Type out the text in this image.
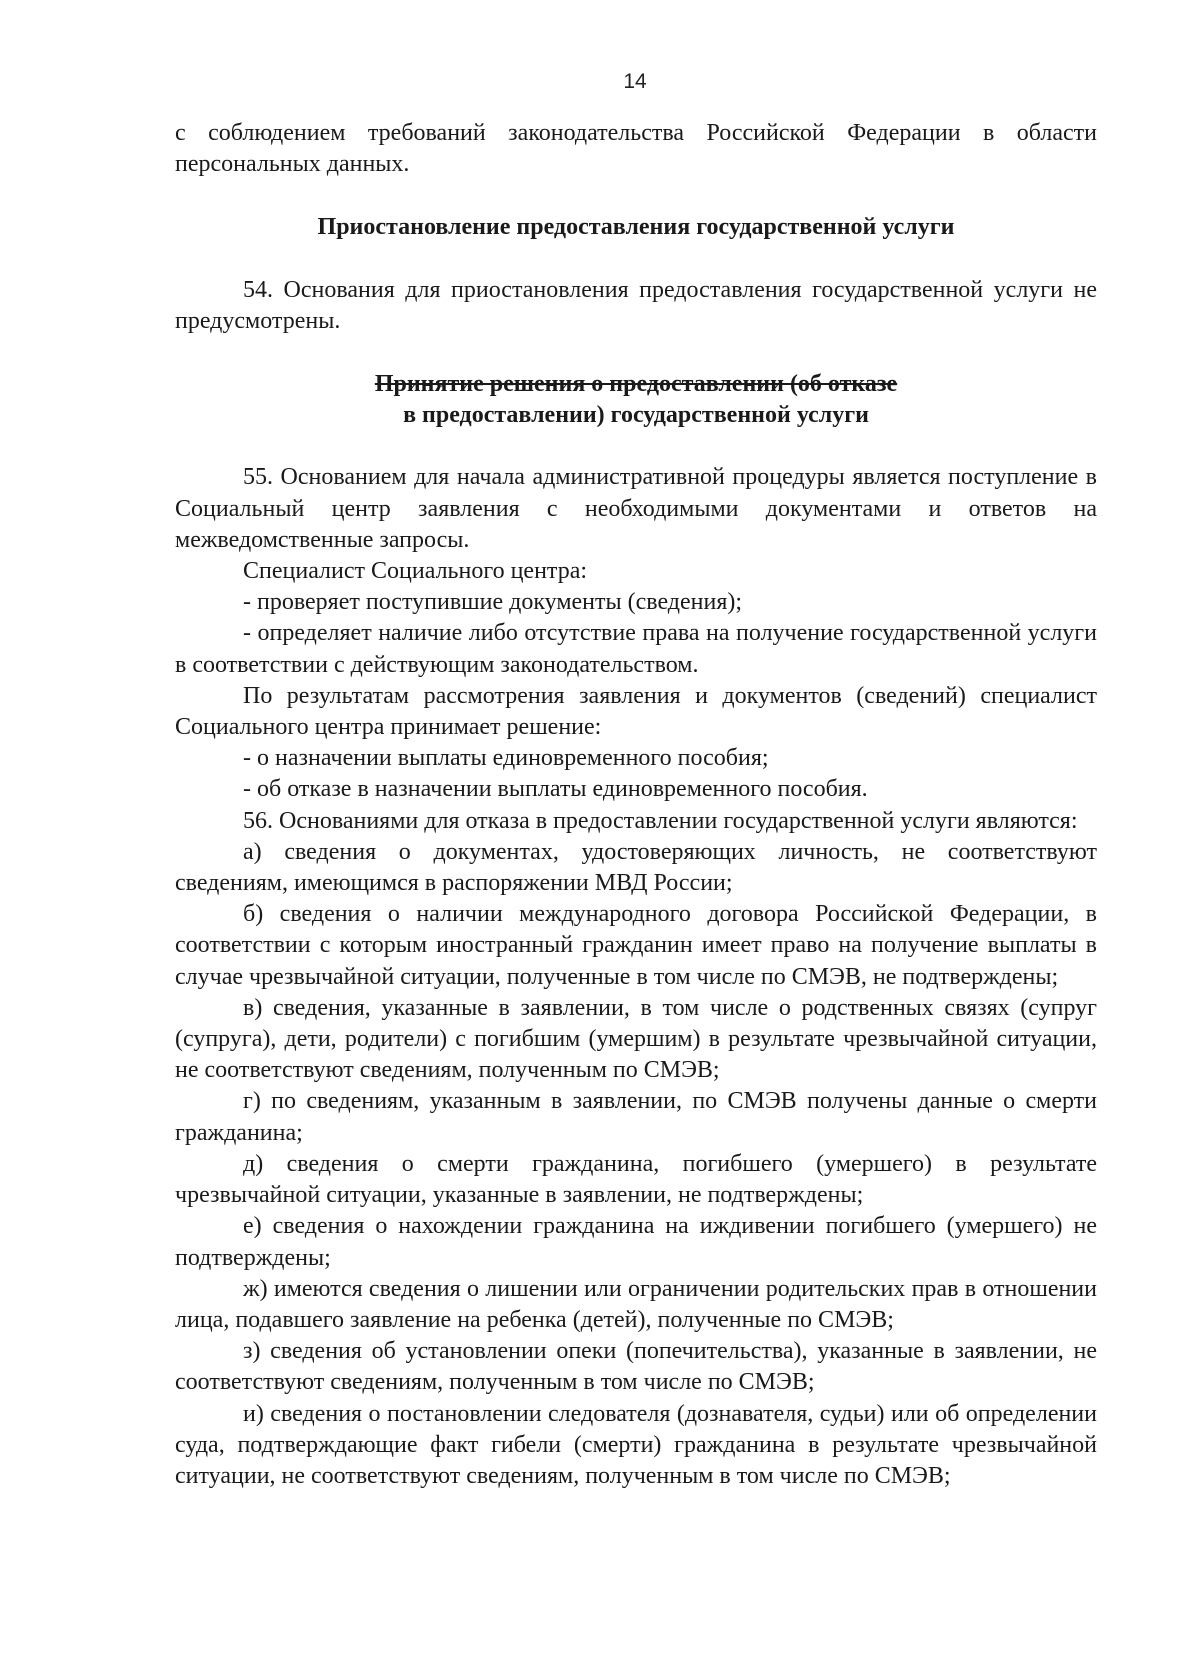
14

с соблюдением требований законодательства Российской Федерации в области персональных данных.

Приостановление предоставления государственной услуги

54. Основания для приостановления предоставления государственной услуги не предусмотрены.

Принятие решения о предоставлении (об отказе
в предоставлении) государственной услуги

55. Основанием для начала административной процедуры является поступление в Социальный центр заявления с необходимыми документами и ответов на межведомственные запросы.

Специалист Социального центра:

- проверяет поступившие документы (сведения);

- определяет наличие либо отсутствие права на получение государственной услуги в соответствии с действующим законодательством.

По результатам рассмотрения заявления и документов (сведений) специалист Социального центра принимает решение:

- о назначении выплаты единовременного пособия;

- об отказе в назначении выплаты единовременного пособия.

56. Основаниями для отказа в предоставлении государственной услуги являются:

а) сведения о документах, удостоверяющих личность, не соответствуют сведениям, имеющимся в распоряжении МВД России;

б) сведения о наличии международного договора Российской Федерации, в соответствии с которым иностранный гражданин имеет право на получение выплаты в случае чрезвычайной ситуации, полученные в том числе по СМЭВ, не подтверждены;

в) сведения, указанные в заявлении, в том числе о родственных связях (супруг (супруга), дети, родители) с погибшим (умершим) в результате чрезвычайной ситуации, не соответствуют сведениям, полученным по СМЭВ;

г) по сведениям, указанным в заявлении, по СМЭВ получены данные о смерти гражданина;

д) сведения о смерти гражданина, погибшего (умершего) в результате чрезвычайной ситуации, указанные в заявлении, не подтверждены;

е) сведения о нахождении гражданина на иждивении погибшего (умершего) не подтверждены;

ж) имеются сведения о лишении или ограничении родительских прав в отношении лица, подавшего заявление на ребенка (детей), полученные по СМЭВ;

з) сведения об установлении опеки (попечительства), указанные в заявлении, не соответствуют сведениям, полученным в том числе по СМЭВ;

и) сведения о постановлении следователя (дознавателя, судьи) или об определении суда, подтверждающие факт гибели (смерти) гражданина в результате чрезвычайной ситуации, не соответствуют сведениям, полученным в том числе по СМЭВ;
